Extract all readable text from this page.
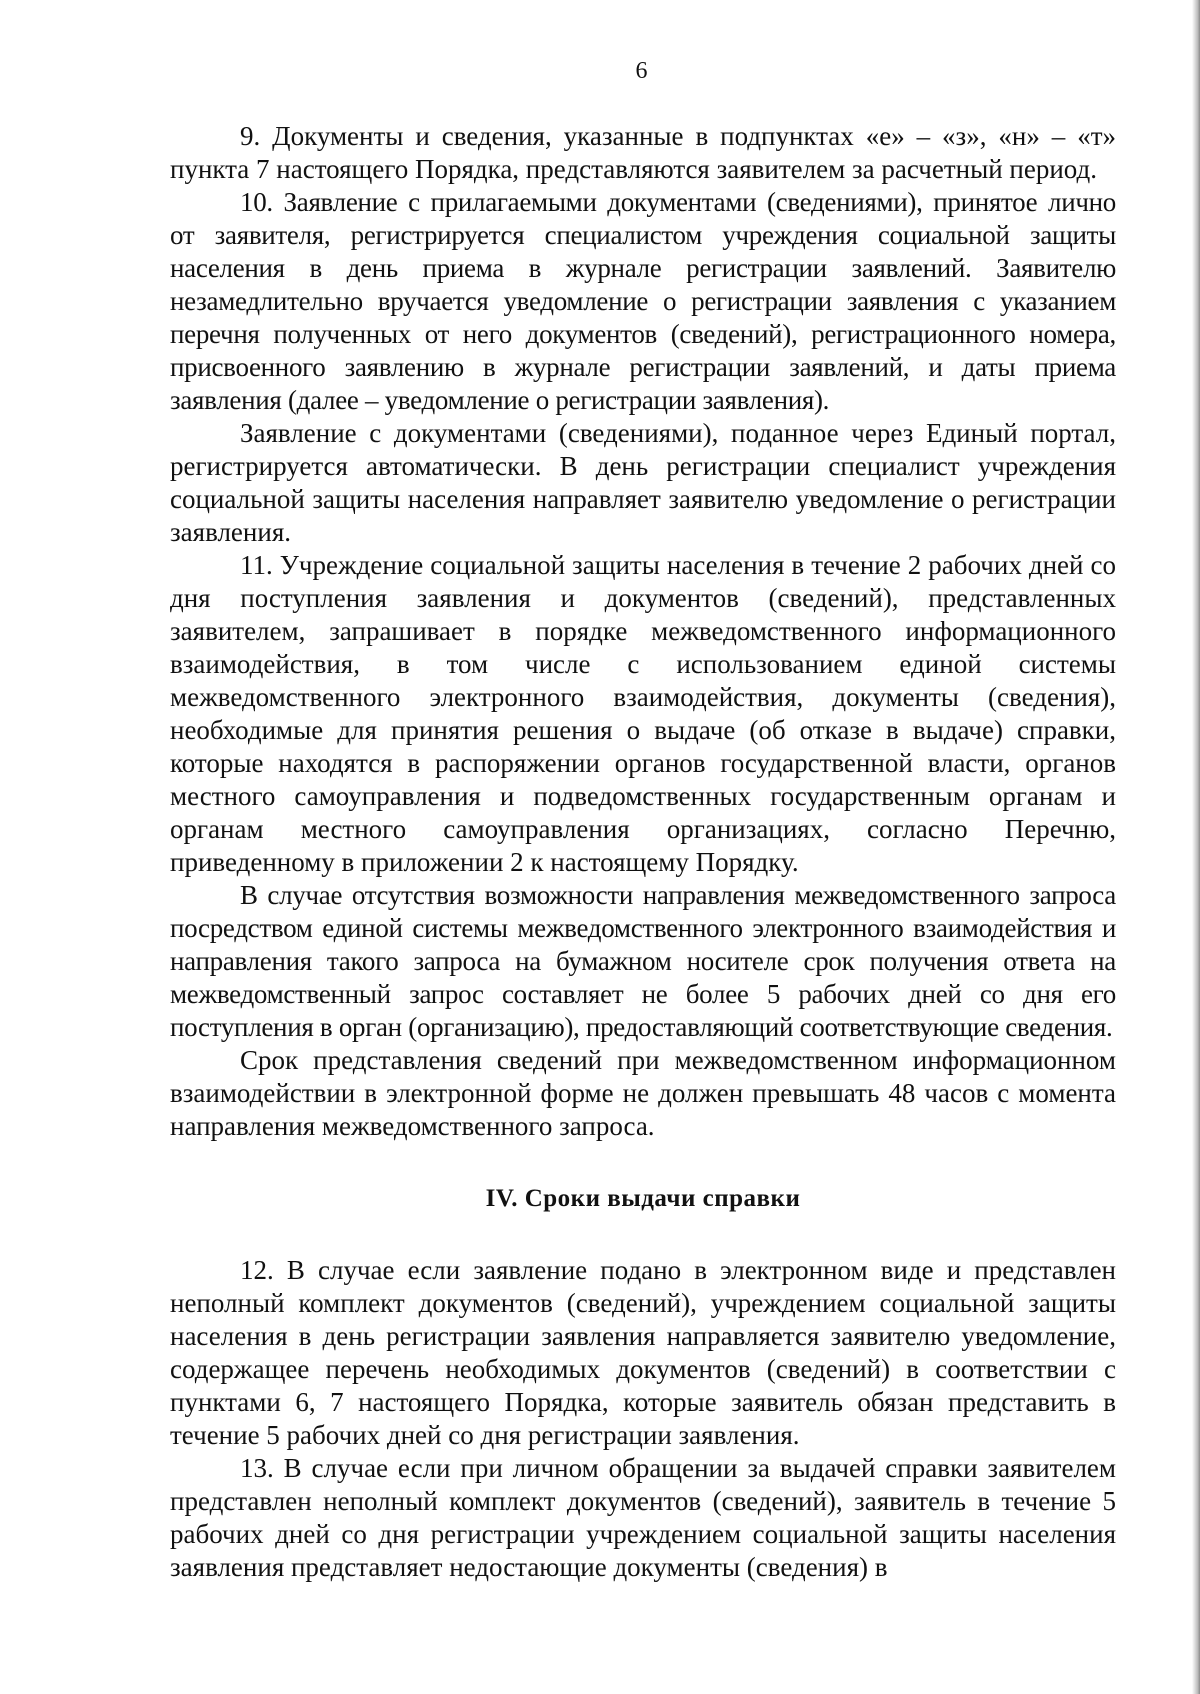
6

9. Документы и сведения, указанные в подпунктах «е» – «з», «н» – «т» пункта 7 настоящего Порядка, представляются заявителем за расчетный период.

10. Заявление с прилагаемыми документами (сведениями), принятое лично от заявителя, регистрируется специалистом учреждения социальной защиты населения в день приема в журнале регистрации заявлений. Заявителю незамедлительно вручается уведомление о регистрации заявления с указанием перечня полученных от него документов (сведений), регистрационного номера, присвоенного заявлению в журнале регистрации заявлений, и даты приема заявления (далее – уведомление о регистрации заявления).

Заявление с документами (сведениями), поданное через Единый портал, регистрируется автоматически. В день регистрации специалист учреждения социальной защиты населения направляет заявителю уведомление о регистрации заявления.

11. Учреждение социальной защиты населения в течение 2 рабочих дней со дня поступления заявления и документов (сведений), представленных заявителем, запрашивает в порядке межведомственного информационного взаимодействия, в том числе с использованием единой системы межведомственного электронного взаимодействия, документы (сведения), необходимые для принятия решения о выдаче (об отказе в выдаче) справки, которые находятся в распоряжении органов государственной власти, органов местного самоуправления и подведомственных государственным органам и органам местного самоуправления организациях, согласно Перечню, приведенному в приложении 2 к настоящему Порядку.

В случае отсутствия возможности направления межведомственного запроса посредством единой системы межведомственного электронного взаимодействия и направления такого запроса на бумажном носителе срок получения ответа на межведомственный запрос составляет не более 5 рабочих дней со дня его поступления в орган (организацию), предоставляющий соответствующие сведения.

Срок представления сведений при межведомственном информационном взаимодействии в электронной форме не должен превышать 48 часов с момента направления межведомственного запроса.

IV. Сроки выдачи справки

12. В случае если заявление подано в электронном виде и представлен неполный комплект документов (сведений), учреждением социальной защиты населения в день регистрации заявления направляется заявителю уведомление, содержащее перечень необходимых документов (сведений) в соответствии с пунктами 6, 7 настоящего Порядка, которые заявитель обязан представить в течение 5 рабочих дней со дня регистрации заявления.

13. В случае если при личном обращении за выдачей справки заявителем представлен неполный комплект документов (сведений), заявитель в течение 5 рабочих дней со дня регистрации учреждением социальной защиты населения заявления представляет недостающие документы (сведения) в
